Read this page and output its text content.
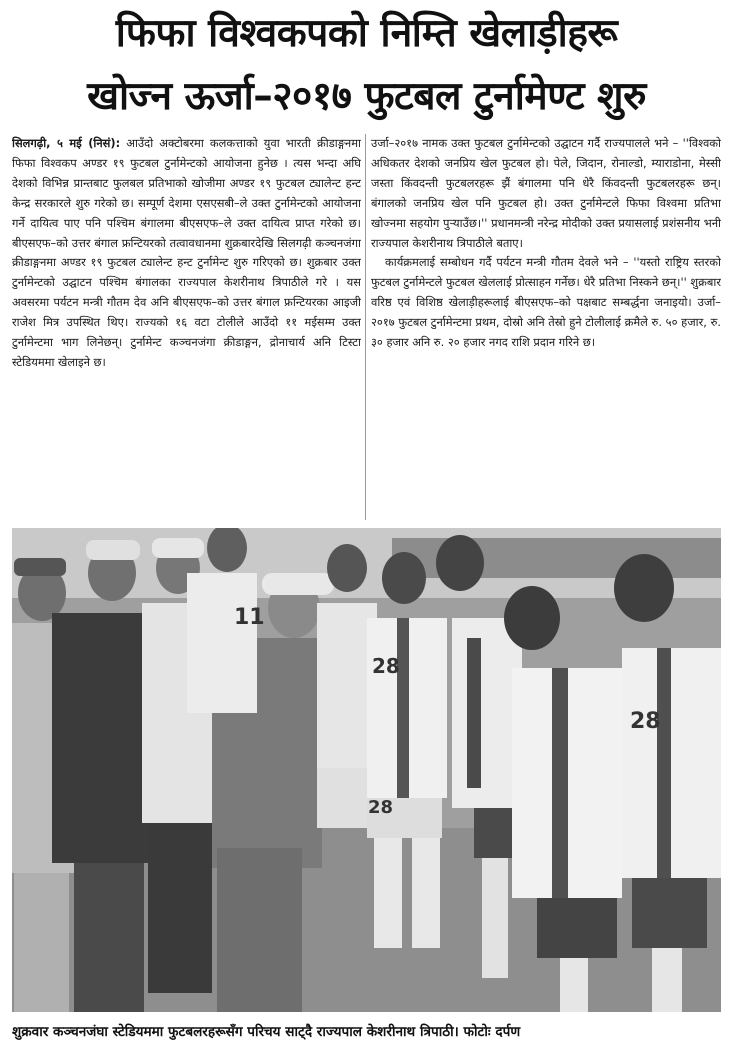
फिफा विश्वकपको निम्ति खेलाड़ीहरू
खोज्न ऊर्जा–२०१७ फुटबल टुर्नामेण्ट शुरु

सिलगढ़ी, ५ मई (निसं): आउँदो अक्टोबरमा कलकत्ताको युवा भारती क्रीडाङ्गनमा फिफा विश्वकप अण्डर १९ फुटबल टुर्नामेन्टको आयोजना हुनेछ । त्यस भन्दा अघि देशको विभिन्न प्रान्तबाट फुलबल प्रतिभाको खोजीमा अण्डर १९ फुटबल ट्यालेन्ट हन्ट केन्द्र सरकारले शुरु गरेको छ। सम्पूर्ण देशमा एसएसबी–ले उक्त टुर्नामेन्टको आयोजना गर्ने दायित्व पाए पनि पश्चिम बंगालमा बीएसएफ–ले उक्त दायित्व प्राप्त गरेको छ। बीएसएफ–को उत्तर बंगाल फ्रन्टियरको तत्वावधानमा शुक्रबारदेखि सिलगढ़ी कञ्चनजंगा क्रीडाङ्गनमा अण्डर १९ फुटबल ट्यालेन्ट हन्ट टुर्नामेन्ट शुरु गरिएको छ। शुक्रबार उक्त टुर्नामेन्टको उद्घाटन पश्चिम बंगालका राज्यपाल केशरीनाथ त्रिपाठीले गरे । यस अवसरमा पर्यटन मन्त्री गौतम देव अनि बीएसएफ–को उत्तर बंगाल फ्रन्टियरका आइजी राजेश मित्र उपस्थित थिए। राज्यको १६ वटा टोलीले आउँदो ११ मईसम्म उक्त टुर्नामेन्टमा भाग लिनेछन्। टुर्नामेन्ट कञ्चनजंगा क्रीडाङ्गन, द्रोनाचार्य अनि टिस्टा स्टेडियममा खेलाइने छ।

उर्जा–२०१७ नामक उक्त फुटबल टुर्नामेन्टको उद्घाटन गर्दै राज्यपालले भने – ''विश्वको अधिकतर देशको जनप्रिय खेल फुटबल हो। पेले, जिदान, रोनाल्डो, म्याराडोना, मेस्सी जस्ता किंवदन्ती फुटबलरहरू झैं बंगालमा पनि धेरै किंवदन्ती फुटबलरहरू छन्। बंगालको जनप्रिय खेल पनि फुटबल हो। उक्त टुर्नामेन्टले फिफा विश्वमा प्रतिभा खोज्नमा सहयोग पुऱ्याउँछ।'' प्रधानमन्त्री नरेन्द्र मोदीको उक्त प्रयासलाई प्रशंसनीय भनी राज्यपाल केशरीनाथ त्रिपाठीले बताए।

कार्यक्रमलाई सम्बोधन गर्दै पर्यटन मन्त्री गौतम देवले भने – ''यस्तो राष्ट्रिय स्तरको फुटबल टुर्नामेन्टले फुटबल खेललाई प्रोत्साहन गर्नेछ। धेरै प्रतिभा निस्कने छन्।'' शुक्रबार वरिष्ठ एवं विशिष्ठ खेलाड़ीहरूलाई बीएसएफ–को पक्षबाट सम्बर्द्धना जनाइयो। उर्जा–२०१७ फुटबल टुर्नामेन्टमा प्रथम, दोस्रो अनि तेस्रो हुने टोलीलाई क्रमैले रु. ५० हजार, रु. ३० हजार अनि रु. २० हजार नगद राशि प्रदान गरिने छ।

11
28
28
28
शुक्रवार कञ्चनजंघा स्टेडियममा फुटबलरहरूसँग परिचय साट्दै राज्यपाल केशरीनाथ त्रिपाठी। फोटोः दर्पण
